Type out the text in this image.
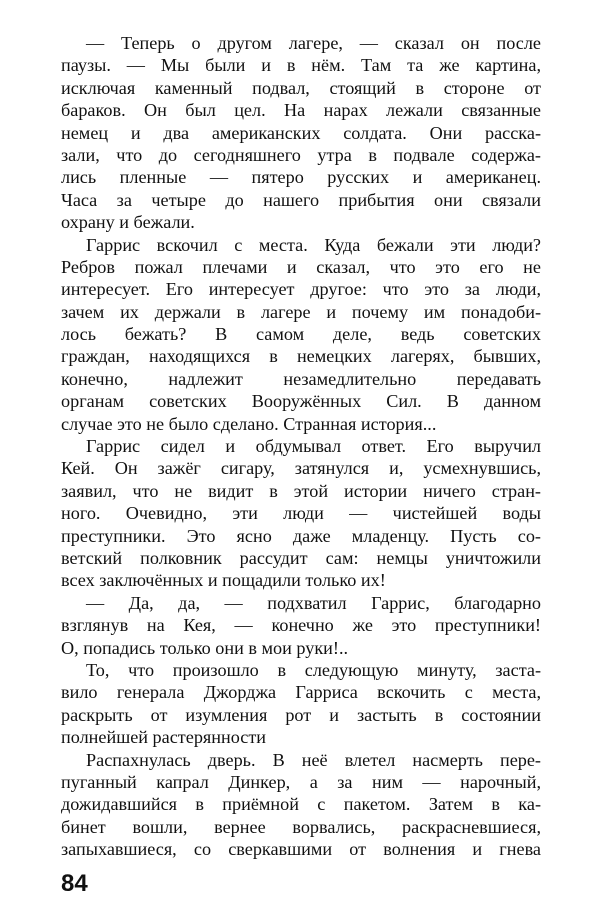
— Теперь о другом лагере, — сказал он после
паузы. — Мы были и в нём. Там та же картина,
исключая каменный подвал, стоящий в стороне от
бараков. Он был цел. На нарах лежали связанные
немец и два американских солдата. Они расска-
зали, что до сегодняшнего утра в подвале содержа-
лись пленные — пятеро русских и американец.
Часа за четыре до нашего прибытия они связали
охрану и бежали.
Гаррис вскочил с места. Куда бежали эти люди?
Ребров пожал плечами и сказал, что это его не
интересует. Его интересует другое: что это за люди,
зачем их держали в лагере и почему им понадоби-
лось бежать? В самом деле, ведь советских
граждан, находящихся в немецких лагерях, бывших,
конечно, надлежит незамедлительно передавать
органам советских Вооружённых Сил. В данном
случае это не было сделано. Странная история...
Гаррис сидел и обдумывал ответ. Его выручил
Кей. Он зажёг сигару, затянулся и, усмехнувшись,
заявил, что не видит в этой истории ничего стран-
ного. Очевидно, эти люди — чистейшей воды
преступники. Это ясно даже младенцу. Пусть со-
ветский полковник рассудит сам: немцы уничтожили
всех заключённых и пощадили только их!
— Да, да, — подхватил Гаррис, благодарно
взглянув на Кея, — конечно же это преступники!
О, попадись только они в мои руки!..
То, что произошло в следующую минуту, заста-
вило генерала Джорджа Гарриса вскочить с места,
раскрыть от изумления рот и застыть в состоянии
полнейшей растерянности
Распахнулась дверь. В неё влетел насмерть пере-
пуганный капрал Динкер, а за ним — нарочный,
дожидавшийся в приёмной с пакетом. Затем в ка-
бинет вошли, вернее ворвались, раскрасневшиеся,
запыхавшиеся, со сверкавшими от волнения и гнева
84
